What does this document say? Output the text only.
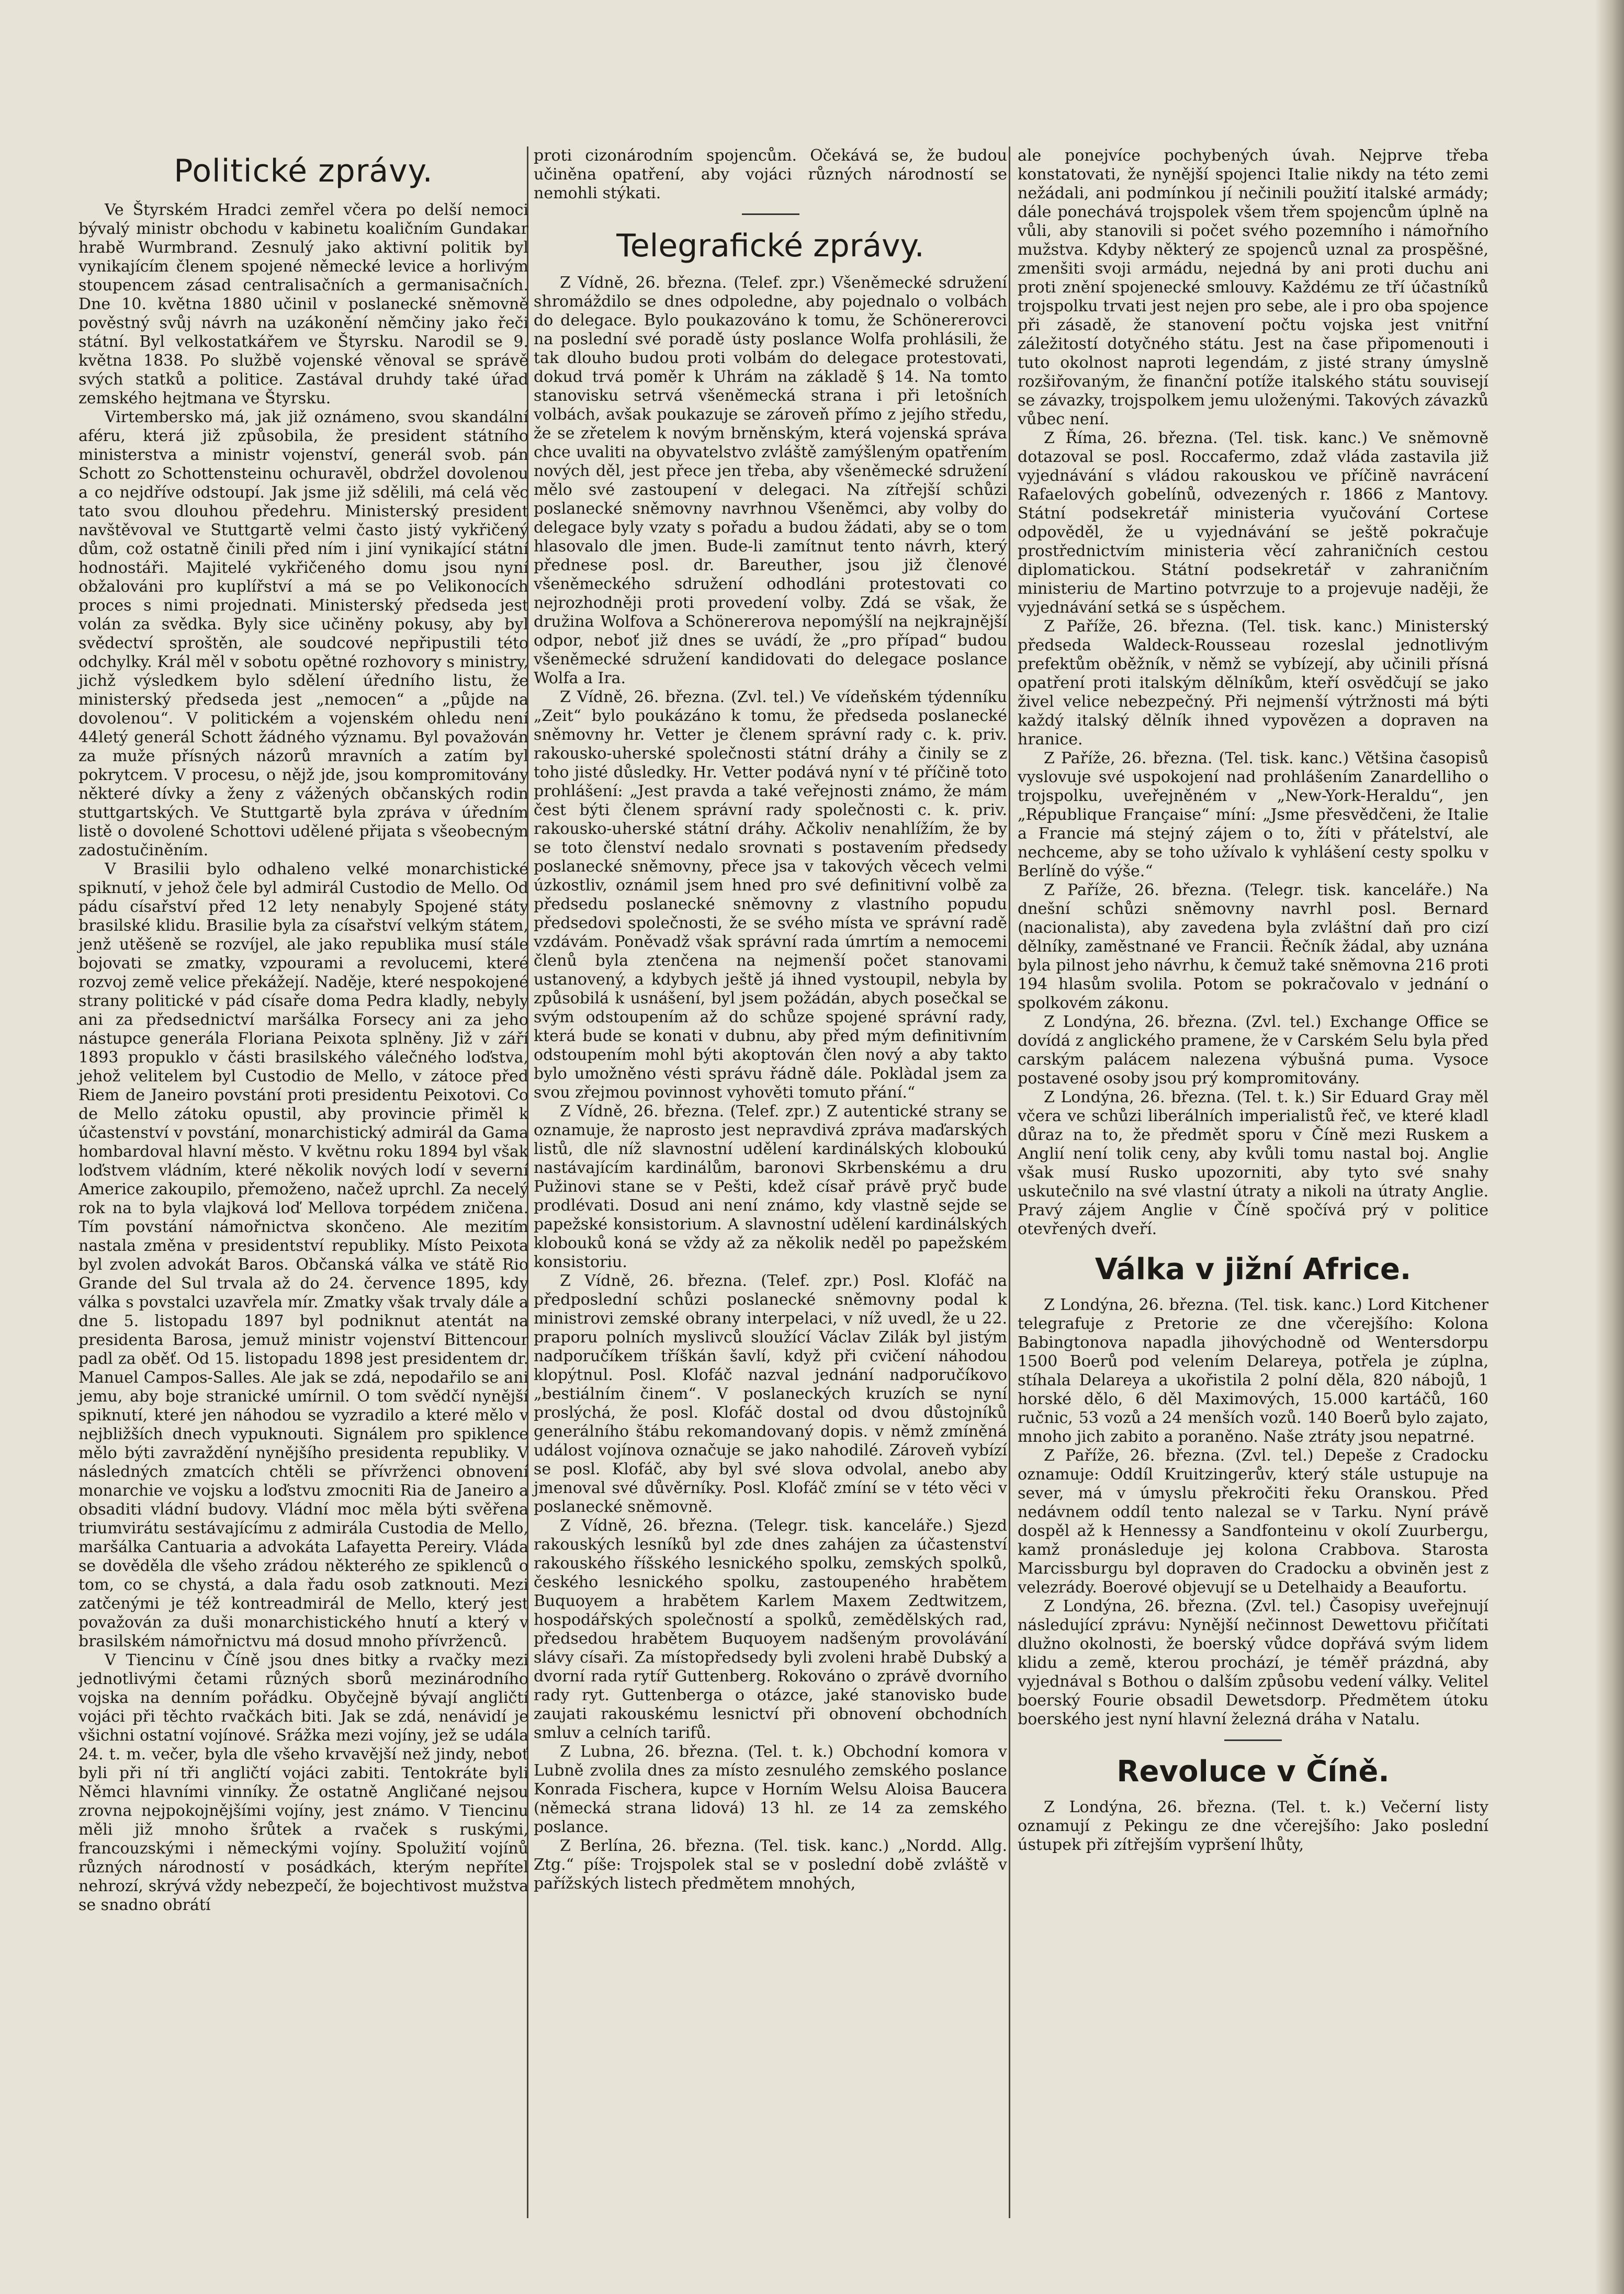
Politické zprávy.

Ve Štyrském Hradci zemřel včera po delší nemoci bývalý ministr obchodu v kabinetu koaličním Gundakar hrabě Wurmbrand. Zesnulý jako aktivní politik byl vynikajícím členem spojené německé levice a horlivým stoupencem zásad centralisačních a germanisačních. Dne 10. května 1880 učinil v poslanecké sněmovně pověstný svůj návrh na uzákonění němčiny jako řeči státní. Byl velkostatkářem ve Štyrsku. Narodil se 9. května 1838. Po službě vojenské věnoval se správě svých statků a politice. Zastával druhdy také úřad zemského hejtmana ve Štyrsku.

Virtembersko má, jak již oznámeno, svou skandální aféru, která již způsobila, že president státního ministerstva a ministr vojenství, generál svob. pán Schott zo Schottensteinu ochuravěl, obdržel dovolenou a co nejdříve odstoupí. Jak jsme již sdělili, má celá věc tato svou dlouhou předehru. Ministerský president navštěvoval ve Stuttgartě velmi často jistý vykřičený dům, což ostatně činili před ním i jiní vynikající státní hodnostáři. Majitelé vykřičeného domu jsou nyní obžalováni pro kuplířství a má se po Velikonocích proces s nimi projednati. Ministerský předseda jest volán za svědka. Byly sice učiněny pokusy, aby byl svědectví sproštěn, ale soudcové nepřipustili této odchylky. Král měl v sobotu opětné rozhovory s ministry, jichž výsledkem bylo sdělení úředního listu, že ministerský předseda jest „nemocen“ a „půjde na dovolenou“. V politickém a vojenském ohledu není 44letý generál Schott žádného významu. Byl považován za muže přísných názorů mravních a zatím byl pokrytcem. V procesu, o nějž jde, jsou kompromitovány některé dívky a ženy z vážených občanských rodin stuttgartských. Ve Stuttgartě byla zpráva v úředním listě o dovolené Schottovi udělené přijata s všeobecným zadostučiněním.

V Brasilii bylo odhaleno velké monarchistické spiknutí, v jehož čele byl admirál Custodio de Mello. Od pádu císařství před 12 lety nenabyly Spojené státy brasilské klidu. Brasilie byla za císařství velkým státem, jenž utěšeně se rozvíjel, ale jako republika musí stále bojovati se zmatky, vzpourami a revolucemi, které rozvoj země velice překážejí. Naděje, které nespokojené strany politické v pád císaře doma Pedra kladly, nebyly ani za předsednictví maršálka Forsecy ani za jeho nástupce generála Floriana Peixota splněny. Již v září 1893 propuklo v části brasilského válečného loďstva, jehož velitelem byl Custodio de Mello, v zátoce před Riem de Janeiro povstání proti presidentu Peixotovi. Co de Mello zátoku opustil, aby provincie přiměl k účastenství v povstání, monarchistický admirál da Gama hombardoval hlavní město. V květnu roku 1894 byl však loďstvem vládním, které několik nových lodí v severní Americe zakoupilo, přemoženo, načež uprchl. Za necelý rok na to byla vlajková loď Mellova torpédem zničena. Tím povstání námořnictva skončeno. Ale mezitím nastala změna v presidentství republiky. Místo Peixota byl zvolen advokát Baros. Občanská válka ve státě Rio Grande del Sul trvala až do 24. července 1895, kdy válka s povstalci uzavřela mír. Zmatky však trvaly dále a dne 5. listopadu 1897 byl podniknut atentát na presidenta Barosa, jemuž ministr vojenství Bittencour padl za oběť. Od 15. listopadu 1898 jest presidentem dr. Manuel Campos-Salles. Ale jak se zdá, nepodařilo se ani jemu, aby boje stranické umírnil. O tom svědčí nynější spiknutí, které jen náhodou se vyzradilo a které mělo v nejbližších dnech vypuknouti. Signálem pro spiklence mělo býti zavraždění nynějšího presidenta republiky. V následných zmatcích chtěli se přívrženci obnovení monarchie ve vojsku a loďstvu zmocniti Ria de Janeiro a obsaditi vládní budovy. Vládní moc měla býti svěřena triumvirátu sestávajícímu z admirála Custodia de Mello, maršálka Cantuaria a advokáta Lafayetta Pereiry. Vláda se dověděla dle všeho zrádou některého ze spiklenců o tom, co se chystá, a dala řadu osob zatknouti. Mezi zatčenými je též kontreadmirál de Mello, který jest považován za duši monarchistického hnutí a který v brasilském námořnictvu má dosud mnoho přívrženců.

V Tiencinu v Číně jsou dnes bitky a rvačky mezi jednotlivými četami různých sborů mezinárodního vojska na denním pořádku. Obyčejně bývají angličtí vojáci při těchto rvačkách biti. Jak se zdá, nenávidí je všichni ostatní vojínové. Srážka mezi vojíny, jež se udála 24. t. m. večer, byla dle všeho krvavější než jindy, neboť byli při ní tři angličtí vojáci zabiti. Tentokráte byli Němci hlavními vinníky. Že ostatně Angličané nejsou zrovna nejpokojnějšími vojíny, jest známo. V Tiencinu měli již mnoho šrůtek a rvaček s ruskými, francouzskými i německými vojíny. Spolužití vojínů různých národností v posádkách, kterým nepřítel nehrozí, skrývá vždy nebezpečí, že bojechtivost mužstva se snadno obrátí

proti cizonárodním spojencům. Očekává se, že budou učiněna opatření, aby vojáci různých národností se nemohli stýkati.

Telegrafické zprávy.

Z Vídně, 26. března. (Telef. zpr.) Všeněmecké sdružení shromáždilo se dnes odpoledne, aby pojednalo o volbách do delegace. Bylo poukazováno k tomu, že Schönererovci na poslední své poradě ústy poslance Wolfa prohlásili, že tak dlouho budou proti volbám do delegace protestovati, dokud trvá poměr k Uhrám na základě § 14. Na tomto stanovisku setrvá všeněmecká strana i při letošních volbách, avšak poukazuje se zároveň přímo z jejího středu, že se zřetelem k novým brněnským, která vojenská správa chce uvaliti na obyvatelstvo zvláště zamýšleným opatřením nových děl, jest přece jen třeba, aby všeněmecké sdružení mělo své zastoupení v delegaci. Na zítřejší schůzi poslanecké sněmovny navrhnou Všeněmci, aby volby do delegace byly vzaty s pořadu a budou žádati, aby se o tom hlasovalo dle jmen. Bude-li zamítnut tento návrh, který přednese posl. dr. Bareuther, jsou již členové všeněmeckého sdružení odhodláni protestovati co nejrozhodněji proti provedení volby. Zdá se však, že družina Wolfova a Schönererova nepomýšlí na nejkrajnější odpor, neboť již dnes se uvádí, že „pro případ“ budou všeněmecké sdružení kandidovati do delegace poslance Wolfa a Ira.

Z Vídně, 26. března. (Zvl. tel.) Ve vídeňském týdenníku „Zeit“ bylo poukázáno k tomu, že předseda poslanecké sněmovny hr. Vetter je členem správní rady c. k. priv. rakousko-uherské společnosti státní dráhy a činily se z toho jisté důsledky. Hr. Vetter podává nyní v té příčině toto prohlášení: „Jest pravda a také veřejnosti známo, že mám čest býti členem správní rady společnosti c. k. priv. rakousko-uherské státní dráhy. Ačkoliv nenahlížím, že by se toto členství nedalo srovnati s postavením předsedy poslanecké sněmovny, přece jsa v takových věcech velmi úzkostliv, oznámil jsem hned pro své definitivní volbě za předsedu poslanecké sněmovny z vlastního popudu předsedovi společnosti, že se svého místa ve správní radě vzdávám. Poněvadž však správní rada úmrtím a nemocemi členů byla ztenčena na nejmenší počet stanovami ustanovený, a kdybych ještě já ihned vystoupil, nebyla by způsobilá k usnášení, byl jsem požádán, abych posečkal se svým odstoupením až do schůze spojené správní rady, která bude se konati v dubnu, aby před mým definitivním odstoupením mohl býti akoptován člen nový a aby takto bylo umožněno vésti správu řádně dále. Poklàdal jsem za svou zřejmou povinnost vyhověti tomuto přání.“

Z Vídně, 26. března. (Telef. zpr.) Z autentické strany se oznamuje, že naprosto jest nepravdivá zpráva maďarských listů, dle níž slavnostní udělení kardinálských kloboukú nastávajícím kardinálům, baronovi Skrbenskému a dru Pužinovi stane se v Pešti, kdež císař právě pryč bude prodlévati. Dosud ani není známo, kdy vlastně sejde se papežské konsistorium. A slavnostní udělení kardinálských klobouků koná se vždy až za několik neděl po papežském konsistoriu.

Z Vídně, 26. března. (Telef. zpr.) Posl. Klofáč na předposlední schůzi poslanecké sněmovny podal k ministrovi zemské obrany interpelaci, v níž uvedl, že u 22. praporu polních myslivců sloužící Václav Zilák byl jistým nadporučíkem tříškán šavlí, když při cvičení náhodou klopýtnul. Posl. Klofáč nazval jednání nadporučíkovo „bestiálním činem“. V poslaneckých kruzích se nyní proslýchá, že posl. Klofáč dostal od dvou důstojníků generálního štábu rekomandovaný dopis. v němž zmíněná událost vojínova označuje se jako nahodilé. Zároveň vybízí se posl. Klofáč, aby byl své slova odvolal, anebo aby jmenoval své důvěrníky. Posl. Klofáč zmíní se v této věci v poslanecké sněmovně.

Z Vídně, 26. března. (Telegr. tisk. kanceláře.) Sjezd rakouských lesníků byl zde dnes zahájen za účastenství rakouského říšského lesnického spolku, zemských spolků, českého lesnického spolku, zastoupeného hrabětem Buquoyem a hrabětem Karlem Maxem Zedtwitzem, hospodářských společností a spolků, zemědělských rad, předsedou hrabětem Buquoyem nadšeným provolávání slávy císaři. Za místopředsedy byli zvoleni hrabě Dubský a dvorní rada rytíř Guttenberg. Rokováno o zprávě dvorního rady ryt. Guttenberga o otázce, jaké stanovisko bude zaujati rakouskému lesnictví při obnovení obchodních smluv a celních tarifů.

Z Lubna, 26. března. (Tel. t. k.) Obchodní komora v Lubně zvolila dnes za místo zesnulého zemského poslance Konrada Fischera, kupce v Horním Welsu Aloisa Baucera (německá strana lidová) 13 hl. ze 14 za zemského poslance.

Z Berlína, 26. března. (Tel. tisk. kanc.) „Nordd. Allg. Ztg.“ píše: Trojspolek stal se v poslední době zvláště v pařížských listech předmětem mnohých,

ale ponejvíce pochybených úvah. Nejprve třeba konstatovati, že nynější spojenci Italie nikdy na této zemi nežádali, ani podmínkou jí nečinili použití italské armády; dále ponechává trojspolek všem třem spojencům úplně na vůli, aby stanovili si počet svého pozemního i námořního mužstva. Kdyby některý ze spojenců uznal za prospěšné, zmenšiti svoji armádu, nejedná by ani proti duchu ani proti znění spojenecké smlouvy. Každému ze tří účastníků trojspolku trvati jest nejen pro sebe, ale i pro oba spojence při zásadě, že stanovení počtu vojska jest vnitřní záležitostí dotyčného státu. Jest na čase připomenouti i tuto okolnost naproti legendám, z jisté strany úmyslně rozšiřovaným, že finanční potíže italského státu souvisejí se závazky, trojspolkem jemu uloženými. Takových závazků vůbec není.

Z Říma, 26. března. (Tel. tisk. kanc.) Ve sněmovně dotazoval se posl. Roccafermo, zdaž vláda zastavila již vyjednávání s vládou rakouskou ve příčině navrácení Rafaelových gobelínů, odvezených r. 1866 z Mantovy. Státní podsekretář ministeria vyučování Cortese odpověděl, že u vyjednávání se ještě pokračuje prostřednictvím ministeria věcí zahraničních cestou diplomatickou. Státní podsekretář v zahraničním ministeriu de Martino potvrzuje to a projevuje naději, že vyjednávání setká se s úspěchem.

Z Paříže, 26. března. (Tel. tisk. kanc.) Ministerský předseda Waldeck-Rousseau rozeslal jednotlivým prefektům oběžník, v němž se vybízejí, aby učinili přísná opatření proti italským dělníkům, kteří osvědčují se jako živel velice nebezpečný. Při nejmenší výtržnosti má býti každý italský dělník ihned vypovězen a dopraven na hranice.

Z Paříže, 26. března. (Tel. tisk. kanc.) Většina časopisů vyslovuje své uspokojení nad prohlášením Zanardelliho o trojspolku, uveřejněném v „New-York-Heraldu“, jen „République Française“ míní: „Jsme přesvědčeni, že Italie a Francie má stejný zájem o to, žíti v přátelství, ale nechceme, aby se toho užívalo k vyhlášení cesty spolku v Berlíně do výše.“

Z Paříže, 26. března. (Telegr. tisk. kanceláře.) Na dnešní schůzi sněmovny navrhl posl. Bernard (nacionalista), aby zavedena byla zvláštní daň pro cizí dělníky, zaměstnané ve Francii. Řečník žádal, aby uznána byla pilnost jeho návrhu, k čemuž také sněmovna 216 proti 194 hlasům svolila. Potom se pokračovalo v jednání o spolkovém zákonu.

Z Londýna, 26. března. (Zvl. tel.) Exchange Office se dovídá z anglického pramene, že v Carském Selu byla před carským palácem nalezena výbušná puma. Vysoce postavené osoby jsou prý kompromitovány.

Z Londýna, 26. března. (Tel. t. k.) Sir Eduard Gray měl včera ve schůzi liberálních imperialistů řeč, ve které kladl důraz na to, že předmět sporu v Číně mezi Ruskem a Anglií není tolik ceny, aby kvůli tomu nastal boj. Anglie však musí Rusko upozorniti, aby tyto své snahy uskutečnilo na své vlastní útraty a nikoli na útraty Anglie. Pravý zájem Anglie v Číně spočívá prý v politice otevřených dveří.

Válka v jižní Africe.

Z Londýna, 26. března. (Tel. tisk. kanc.) Lord Kitchener telegrafuje z Pretorie ze dne včerejšího: Kolona Babingtonova napadla jihovýchodně od Wentersdorpu 1500 Boerů pod velením Delareya, potřela je zúplna, stíhala Delareya a ukořistila 2 polní děla, 820 nábojů, 1 horské dělo, 6 děl Maximových, 15.000 kartáčů, 160 ručnic, 53 vozů a 24 menších vozů. 140 Boerů bylo zajato, mnoho jich zabito a poraněno. Naše ztráty jsou nepatrné.

Z Paříže, 26. března. (Zvl. tel.) Depeše z Cradocku oznamuje: Oddíl Kruitzingerův, který stále ustupuje na sever, má v úmyslu překročiti řeku Oranskou. Před nedávnem oddíl tento nalezal se v Tarku. Nyní právě dospěl až k Hennessy a Sandfonteinu v okolí Zuurbergu, kamž pronásleduje jej kolona Crabbova. Starosta Marcissburgu byl dopraven do Cradocku a obviněn jest z velezrády. Boerové objevují se u Detelhaidy a Beaufortu.

Z Londýna, 26. března. (Zvl. tel.) Časopisy uveřejnují následující zprávu: Nynější nečinnost Dewettovu přičítati dlužno okolnosti, že boerský vůdce dopřává svým lidem klidu a země, kterou prochází, je téměř prázdná, aby vyjednával s Bothou o dalším způsobu vedení války. Velitel boerský Fourie obsadil Dewetsdorp. Předmětem útoku boerského jest nyní hlavní železná dráha v Natalu.

Revoluce v Číně.

Z Londýna, 26. března. (Tel. t. k.) Večerní listy oznamují z Pekingu ze dne včerejšího: Jako poslední ústupek při zítřejším vypršení lhůty,
